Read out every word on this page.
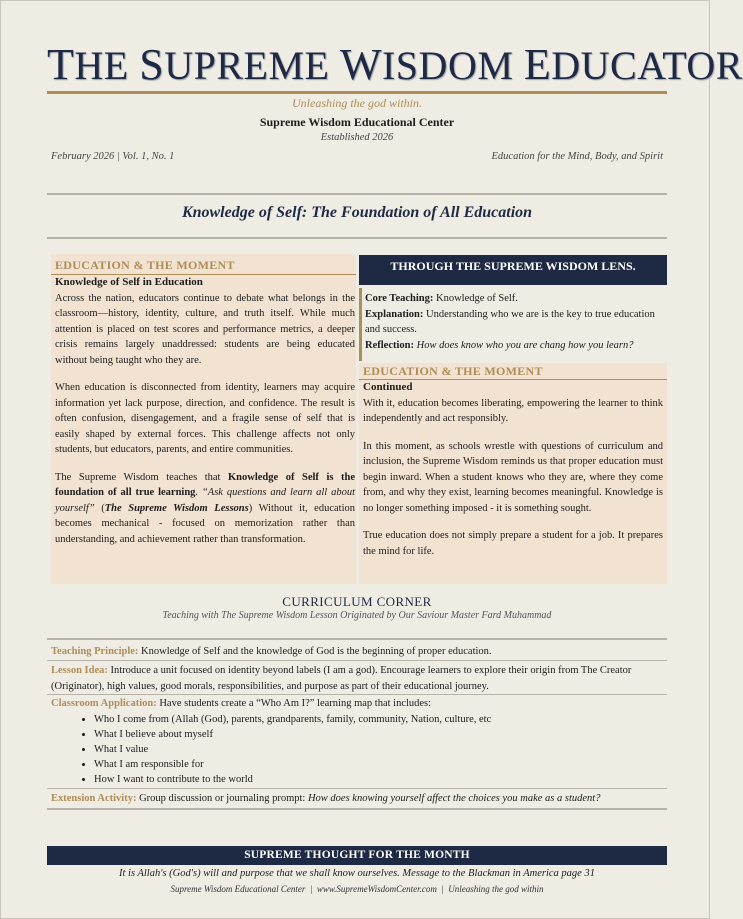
THE SUPREME WISDOM EDUCATOR
Unleashing the god within.
Supreme Wisdom Educational Center
Established 2026
February 2026 | Vol. 1, No. 1	Education for the Mind, Body, and Spirit
Knowledge of Self: The Foundation of All Education
EDUCATION & THE MOMENT
Knowledge of Self in Education

Across the nation, educators continue to debate what belongs in the classroom—history, identity, culture, and truth itself. While much attention is placed on test scores and performance metrics, a deeper crisis remains largely unaddressed: students are being educated without being taught who they are.

When education is disconnected from identity, learners may acquire information yet lack purpose, direction, and confidence. The result is often confusion, disengagement, and a fragile sense of self that is easily shaped by external forces. This challenge affects not only students, but educators, parents, and entire communities.

The Supreme Wisdom teaches that Knowledge of Self is the foundation of all true learning. “Ask questions and learn all about yourself” (The Supreme Wisdom Lessons) Without it, education becomes mechanical - focused on memorization rather than understanding, and achievement rather than transformation.

THROUGH THE SUPREME WISDOM LENS.
Core Teaching: Knowledge of Self.
Explanation: Understanding who we are is the key to true education and success.
Reflection: How does know who you are chang how you learn?
EDUCATION & THE MOMENT
Continued

With it, education becomes liberating, empowering the learner to think independently and act responsibly.

In this moment, as schools wrestle with questions of curriculum and inclusion, the Supreme Wisdom reminds us that proper education must begin inward. When a student knows who they are, where they come from, and why they exist, learning becomes meaningful. Knowledge is no longer something imposed - it is something sought.

True education does not simply prepare a student for a job. It prepares the mind for life.

CURRICULUM CORNER
Teaching with The Supreme Wisdom Lesson Originated by Our Saviour Master Fard Muhammad
Teaching Principle: Knowledge of Self and the knowledge of God is the beginning of proper education.
Lesson Idea: Introduce a unit focused on identity beyond labels (I am a god). Encourage learners to explore their origin from The Creator (Originator), high values, good morals, responsibilities, and purpose as part of their educational journey.
Classroom Application: Have students create a “Who Am I?” learning map that includes:
• Who I come from (Allah (God), parents, grandparents, family, community, Nation, culture, etc
• What I believe about myself
• What I value
• What I am responsible for
• How I want to contribute to the world
Extension Activity: Group discussion or journaling prompt: How does knowing yourself affect the choices you make as a student?
SUPREME THOUGHT FOR THE MONTH
It is Allah's (God's) will and purpose that we shall know ourselves. Message to the Blackman in America page 31
Supreme Wisdom Educational Center  |  www.SupremeWisdomCenter.com  |  Unleashing the god within
